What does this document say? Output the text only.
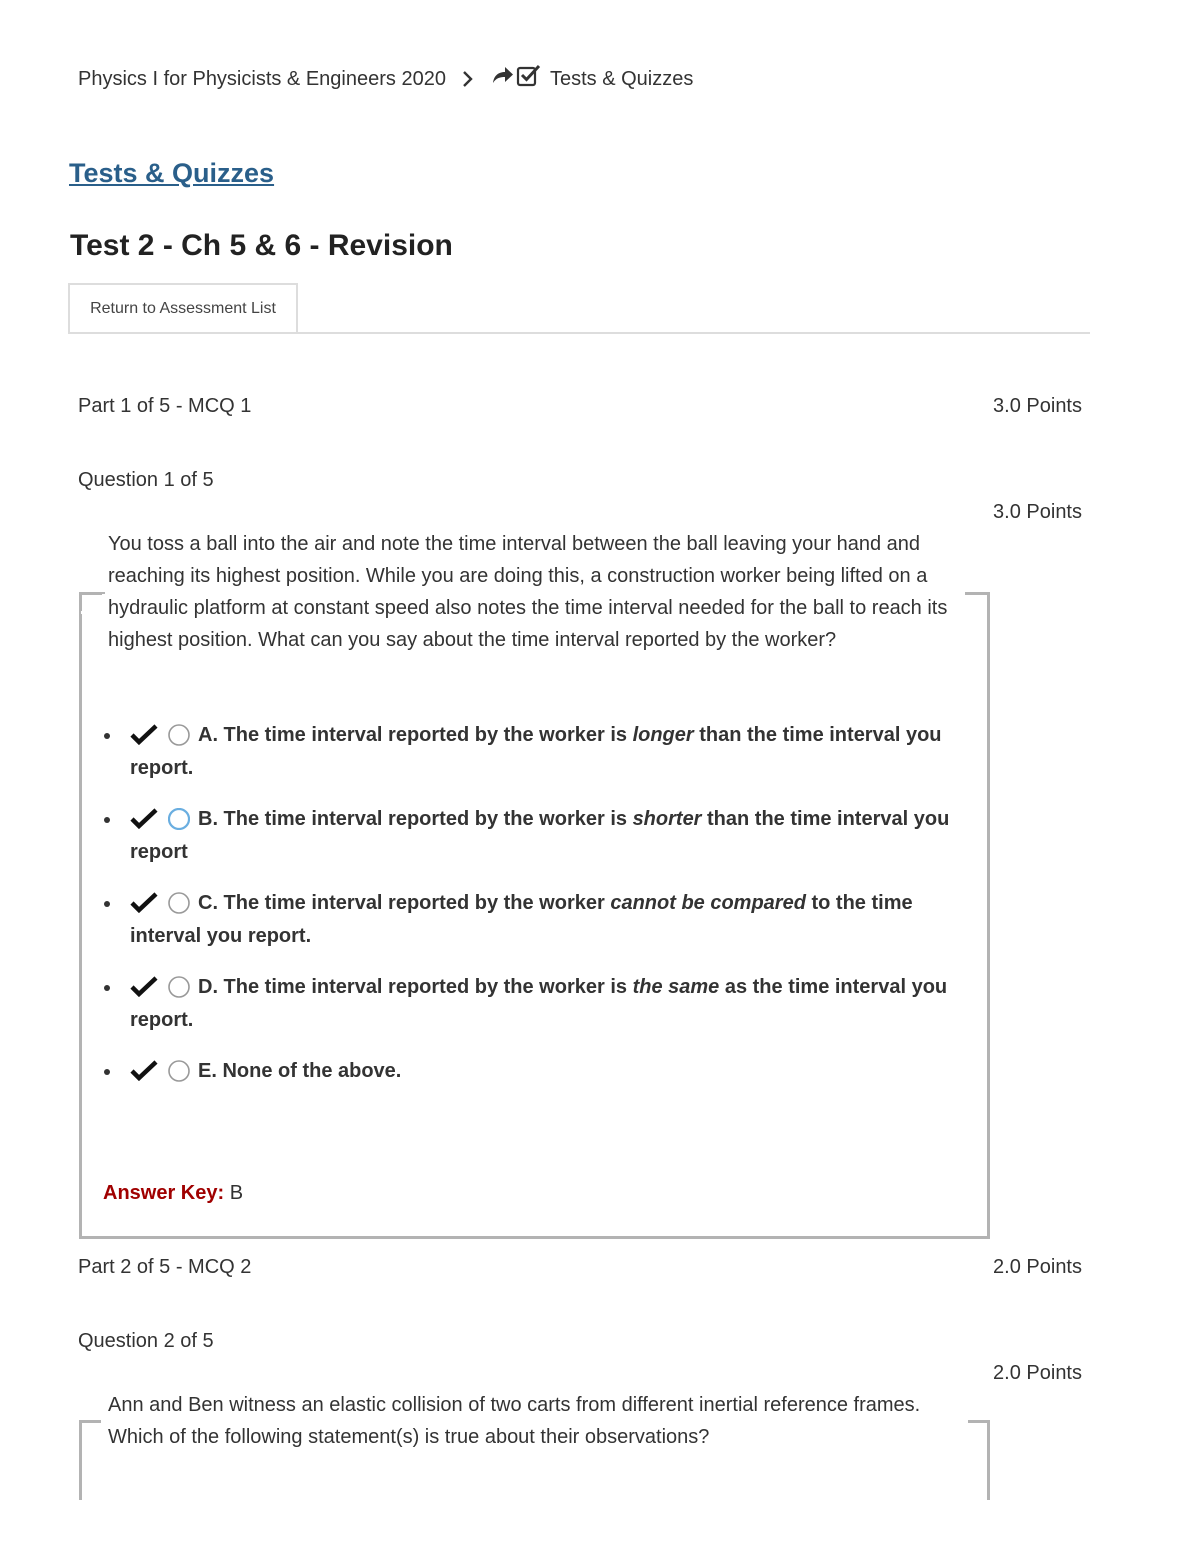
Physics I for Physicists & Engineers 2020	Tests & Quizzes
Tests & Quizzes
Test 2 - Ch 5 & 6 - Revision
Return to Assessment List
Part 1 of 5 - MCQ 1	3.0 Points
Question 1 of 5
3.0 Points
You toss a ball into the air and note the time interval between the ball leaving your hand and reaching its highest position. While you are doing this, a construction worker being lifted on a hydraulic platform at constant speed also notes the time interval needed for the ball to reach its highest position. What can you say about the time interval reported by the worker?
A. The time interval reported by the worker is longer than the time interval you report.
B. The time interval reported by the worker is shorter than the time interval you report
C. The time interval reported by the worker cannot be compared to the time interval you report.
D. The time interval reported by the worker is the same as the time interval you report.
E. None of the above.
Answer Key: B
Part 2 of 5 - MCQ 2	2.0 Points
Question 2 of 5
2.0 Points
Ann and Ben witness an elastic collision of two carts from different inertial reference frames. Which of the following statement(s) is true about their observations?
